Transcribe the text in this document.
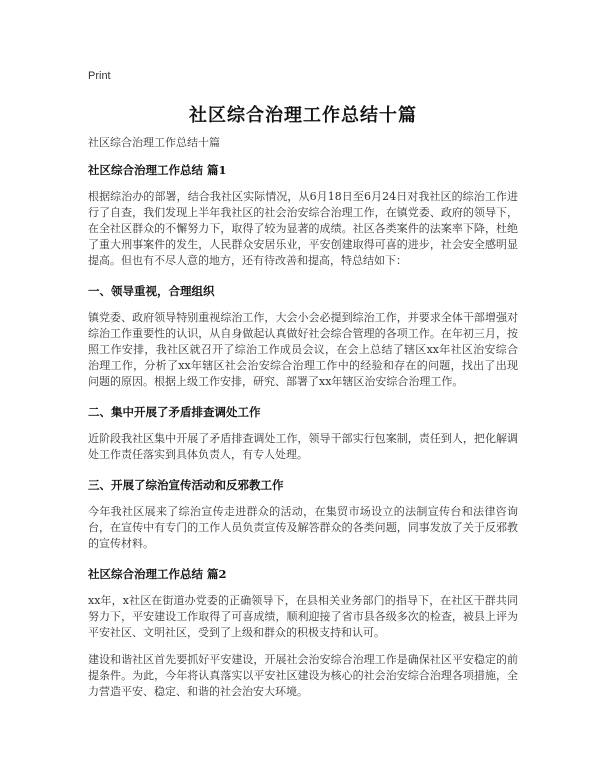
Print
社区综合治理工作总结十篇
社区综合治理工作总结十篇
社区综合治理工作总结 篇1

根据综治办的部署，结合我社区实际情况，从6月18日至6月24日对我社区的综治工作进行了自查，我们发现上半年我社区的社会治安综合治理工作，在镇党委、政府的领导下，在全社区群众的不懈努力下，取得了较为显著的成绩。社区各类案件的法案率下降，杜绝了重大刑事案件的发生，人民群众安居乐业，平安创建取得可喜的进步，社会安全感明显提高。但也有不尽人意的地方，还有待改善和提高，特总结如下：

一、领导重视，合理组织

镇党委、政府领导特别重视综治工作，大会小会必提到综治工作，并要求全体干部增强对综治工作重要性的认识，从自身做起认真做好社会综合管理的各项工作。在年初三月，按照工作安排，我社区就召开了综治工作成员会议，在会上总结了辖区xx年社区治安综合治理工作，分析了xx年辖区社会治安综合治理工作中的经验和存在的问题，找出了出现问题的原因。根据上级工作安排，研究、部署了xx年辖区治安综合治理工作。

二、集中开展了矛盾排查调处工作

近阶段我社区集中开展了矛盾排查调处工作，领导干部实行包案制，责任到人，把化解调处工作责任落实到具体负责人，有专人处理。

三、开展了综治宣传活动和反邪教工作

今年我社区展来了综治宣传走进群众的活动，在集贸市场设立的法制宣传台和法律咨询台，在宣传中有专门的工作人员负责宣传及解答群众的各类问题，同事发放了关于反邪教的宣传材料。

社区综合治理工作总结 篇2

xx年，x社区在街道办党委的正确领导下，在县相关业务部门的指导下，在社区干群共同努力下，平安建设工作取得了可喜成绩，顺利迎接了省市县各级多次的检查，被县上评为平安社区、文明社区，受到了上级和群众的积极支持和认可。

建设和谐社区首先要抓好平安建设，开展社会治安综合治理工作是确保社区平安稳定的前提条件。为此，今年将认真落实以平安社区建设为核心的社会治安综合治理各项措施，全力营造平安、稳定、和谐的社会治安大环境。
